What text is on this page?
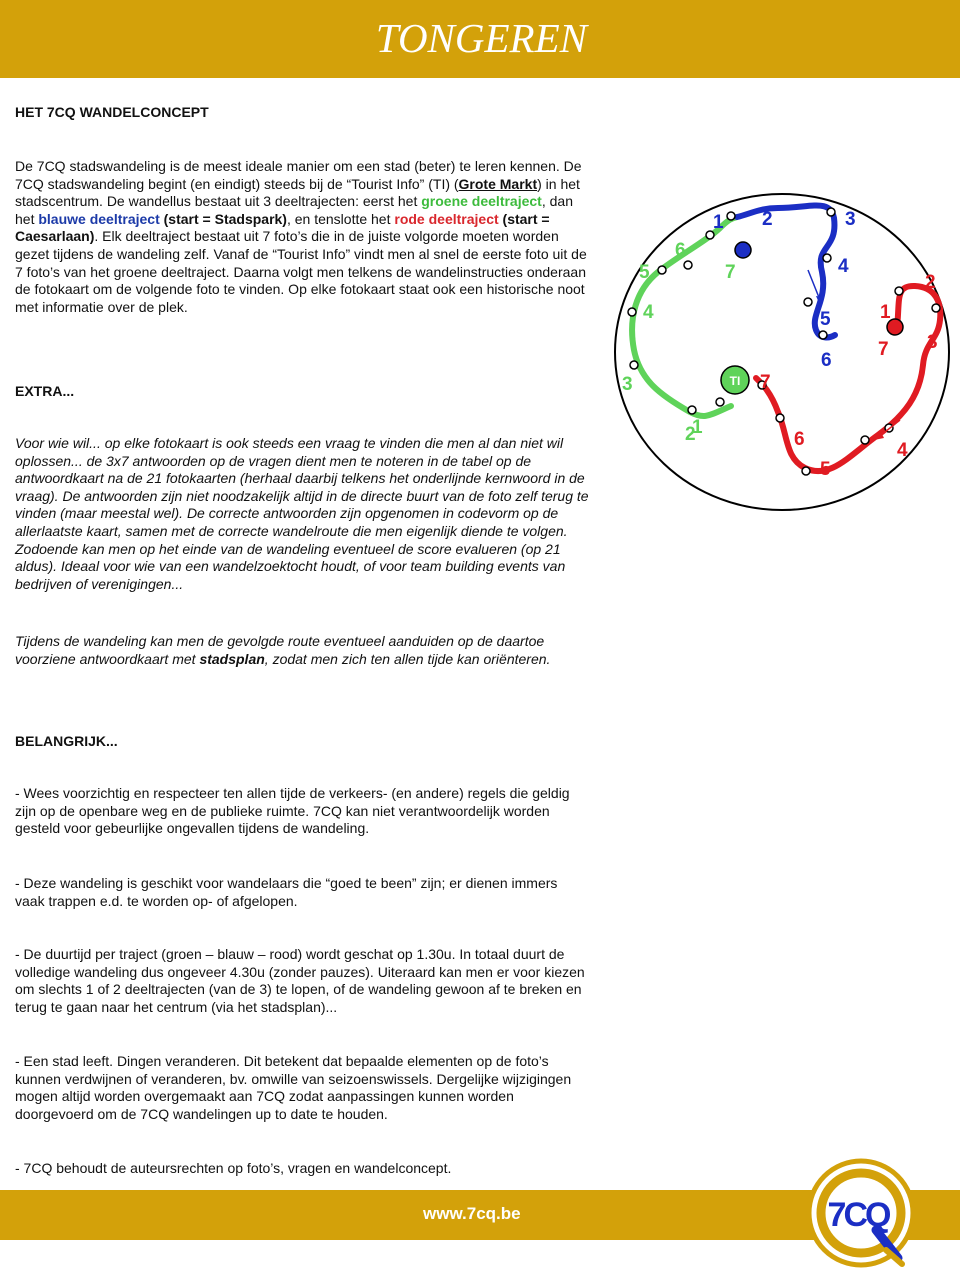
TONGEREN
HET 7CQ WANDELCONCEPT
De 7CQ stadswandeling is de meest ideale manier om een stad (beter) te leren kennen. De 7CQ stadswandeling begint (en eindigt) steeds bij de “Tourist Info” (TI) (Grote Markt) in het stadscentrum. De wandellus bestaat uit 3 deeltrajecten: eerst het groene deeltraject, dan het blauwe deeltraject (start = Stadspark), en tenslotte het rode deeltraject (start = Caesarlaan). Elk deeltraject bestaat uit 7 foto’s die in de juiste volgorde moeten worden gezet tijdens de wandeling zelf. Vanaf de “Tourist Info” vindt men al snel de eerste foto uit de 7 foto’s van het groene deeltraject. Daarna volgt men telkens de wandelinstructies onderaan de fotokaart om de volgende foto te vinden. Op elke fotokaart staat ook een historische noot met informatie over de plek.
TI
1
2
3
4
5
6
7
1 2	3
4
5
6
7
1
2
3
4
5
6
7
EXTRA...
Voor wie wil... op elke fotokaart is ook steeds een vraag te vinden die men al dan niet wil oplossen... de 3x7 antwoorden op de vragen dient men te noteren in de tabel op de antwoordkaart na de 21 fotokaarten (herhaal daarbij telkens het onderlijnde kernwoord in de vraag). De antwoorden zijn niet noodzakelijk altijd in de directe buurt van de foto zelf terug te vinden (maar meestal wel). De correcte antwoorden zijn opgenomen in codevorm op de allerlaatste kaart, samen met de correcte wandelroute die men eigenlijk diende te volgen. Zodoende kan men op het einde van de wandeling eventueel de score evalueren (op 21 aldus). Ideaal voor wie van een wandelzoektocht houdt, of voor team building events van bedrijven of verenigingen...
Tijdens de wandeling kan men de gevolgde route eventueel aanduiden op de daartoe voorziene antwoordkaart met stadsplan, zodat men zich ten allen tijde kan oriënteren.
BELANGRIJK...
- Wees voorzichtig en respecteer ten allen tijde de verkeers- (en andere) regels die geldig zijn op de openbare weg en de publieke ruimte. 7CQ kan niet verantwoordelijk worden gesteld voor gebeurlijke ongevallen tijdens de wandeling.
- Deze wandeling is geschikt voor wandelaars die “goed te been” zijn; er dienen immers vaak trappen e.d. te worden op- of afgelopen.
- De duurtijd per traject (groen – blauw – rood) wordt geschat op 1.30u. In totaal duurt de volledige wandeling dus ongeveer 4.30u (zonder pauzes). Uiteraard kan men er voor kiezen om slechts 1 of 2 deeltrajecten (van de 3) te lopen, of de wandeling gewoon af te breken en terug te gaan naar het centrum (via het stadsplan)...
- Een stad leeft. Dingen veranderen. Dit betekent dat bepaalde elementen op de foto’s kunnen verdwijnen of veranderen, bv. omwille van seizoenswissels. Dergelijke wijzigingen mogen altijd worden overgemaakt aan 7CQ zodat aanpassingen kunnen worden doorgevoerd om de 7CQ wandelingen up to date te houden.
- 7CQ behoudt de auteursrechten op foto’s, vragen en wandelconcept.
www.7cq.be	7CQ
